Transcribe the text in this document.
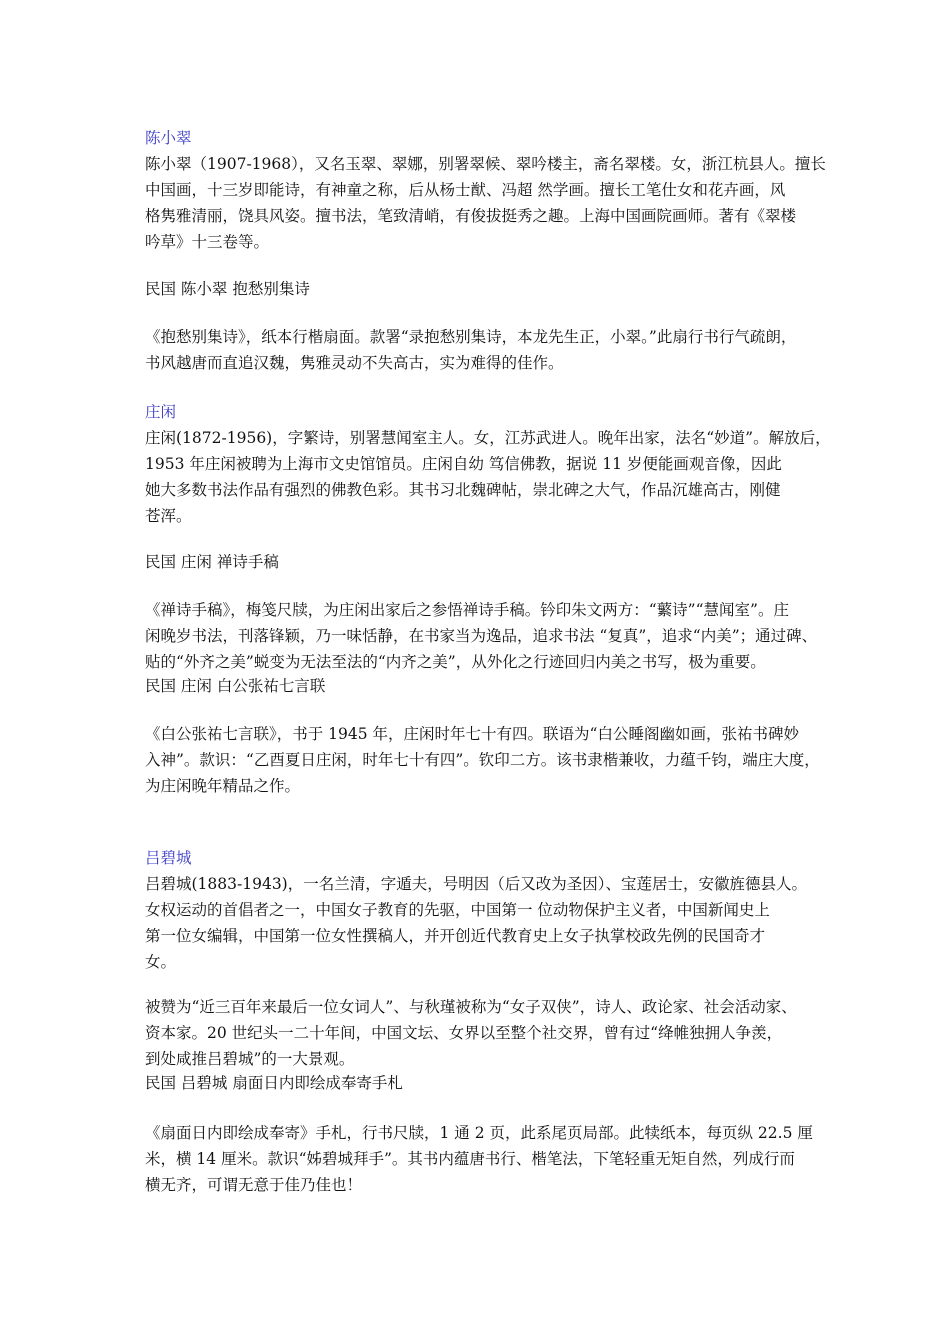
陈小翠
陈小翠（1907-1968），又名玉翠、翠娜，别署翠候、翠吟楼主，斋名翠楼。女，浙江杭县人。擅长
中国画，十三岁即能诗，有神童之称，后从杨士猷、冯超 然学画。擅长工笔仕女和花卉画，风
格隽雅清丽，饶具风姿。擅书法，笔致清峭，有俊拔挺秀之趣。上海中国画院画师。著有《翠楼
吟草》十三卷等。
民国 陈小翠 抱愁别集诗
《抱愁别集诗》，纸本行楷扇面。款署“录抱愁别集诗，本龙先生正，小翠。”此扇行书行气疏朗，
书风越唐而直追汉魏，隽雅灵动不失高古，实为难得的佳作。
庄闲
庄闲(1872-1956)，字繁诗，别署慧闻室主人。女，江苏武进人。晚年出家，法名“妙道”。解放后，
1953 年庄闲被聘为上海市文史馆馆员。庄闲自幼 笃信佛教，据说 11 岁便能画观音像，因此
她大多数书法作品有强烈的佛教色彩。其书习北魏碑帖，崇北碑之大气，作品沉雄高古，刚健
苍浑。
民国 庄闲 禅诗手稿
《禅诗手稿》，梅笺尺牍，为庄闲出家后之参悟禅诗手稿。钤印朱文两方：“蘩诗”“慧闻室”。庄
闲晚岁书法，刊落锋颖，乃一味恬静，在书家当为逸品，追求书法 “复真”，追求“内美”；通过碑、
贴的“外齐之美”蜕变为无法至法的“内齐之美”，从外化之行迹回归内美之书写，极为重要。
民国 庄闲 白公张祐七言联
《白公张祐七言联》，书于 1945 年，庄闲时年七十有四。联语为“白公睡阁幽如画，张祐书碑妙
入神”。款识：“乙酉夏日庄闲，时年七十有四”。钦印二方。该书隶楷兼收，力蕴千钧，端庄大度，
为庄闲晚年精品之作。
吕碧城
吕碧城(1883-1943)，一名兰清，字遁夫，号明因（后又改为圣因）、宝莲居士，安徽旌德县人。
女权运动的首倡者之一，中国女子教育的先驱，中国第一 位动物保护主义者，中国新闻史上
第一位女编辑，中国第一位女性撰稿人，并开创近代教育史上女子执掌校政先例的民国奇才
女。
被赞为“近三百年来最后一位女词人”、与秋瑾被称为“女子双侠”，诗人、政论家、社会活动家、
资本家。20 世纪头一二十年间，中国文坛、女界以至整个社交界，曾有过“绛帷独拥人争羡，
到处咸推吕碧城”的一大景观。
民国 吕碧城 扇面日内即绘成奉寄手札
《扇面日内即绘成奉寄》手札，行书尺牍，1 通 2 页，此系尾页局部。此犊纸本，每页纵 22.5 厘
米，横 14 厘米。款识“姊碧城拜手”。其书内蕴唐书行、楷笔法，下笔轻重无矩自然，列成行而
横无齐，可谓无意于佳乃佳也！
